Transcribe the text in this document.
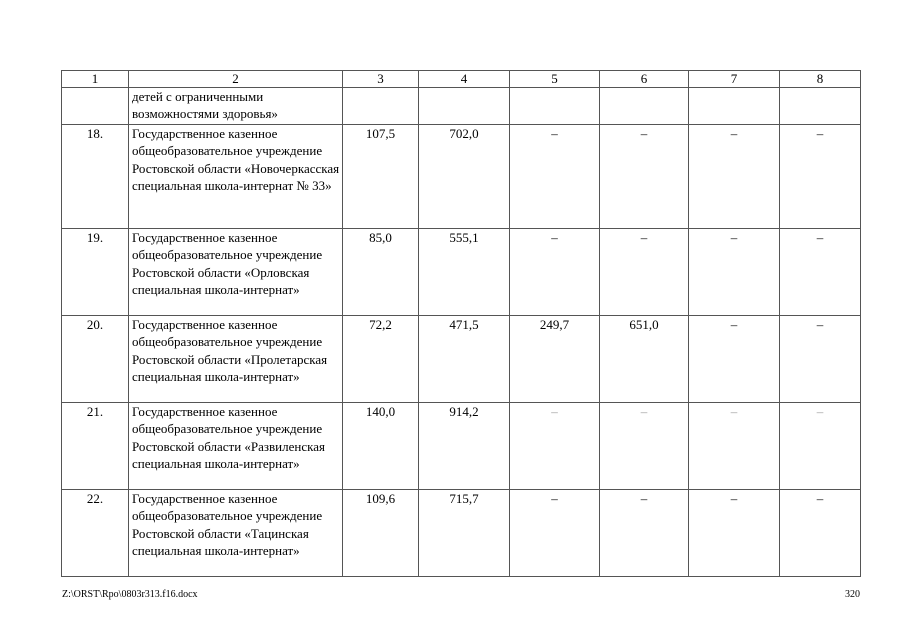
1	2	3	4	5	6	7	8
	детей с ограниченными возможностями здоровья»						
18.	Государственное казенное общеобразовательное учреждение Ростовской области «Новочеркасская специальная школа-интернат № 33»	107,5	702,0	–	–	–	–
19.	Государственное казенное общеобразовательное учреждение Ростовской области «Орловская специальная школа-интернат»	85,0	555,1	–	–	–	–
20.	Государственное казенное общеобразовательное учреждение Ростовской области «Пролетарская специальная школа-интернат»	72,2	471,5	249,7	651,0	–	–
21.	Государственное казенное общеобразовательное учреждение Ростовской области «Развиленская специальная школа-интернат»	140,0	914,2	–	–	–	–
22.	Государственное казенное общеобразовательное учреждение Ростовской области «Тацинская специальная школа-интернат»	109,6	715,7	–	–	–	–
Z:\ORST\Rpo\0803r313.f16.docx	320
